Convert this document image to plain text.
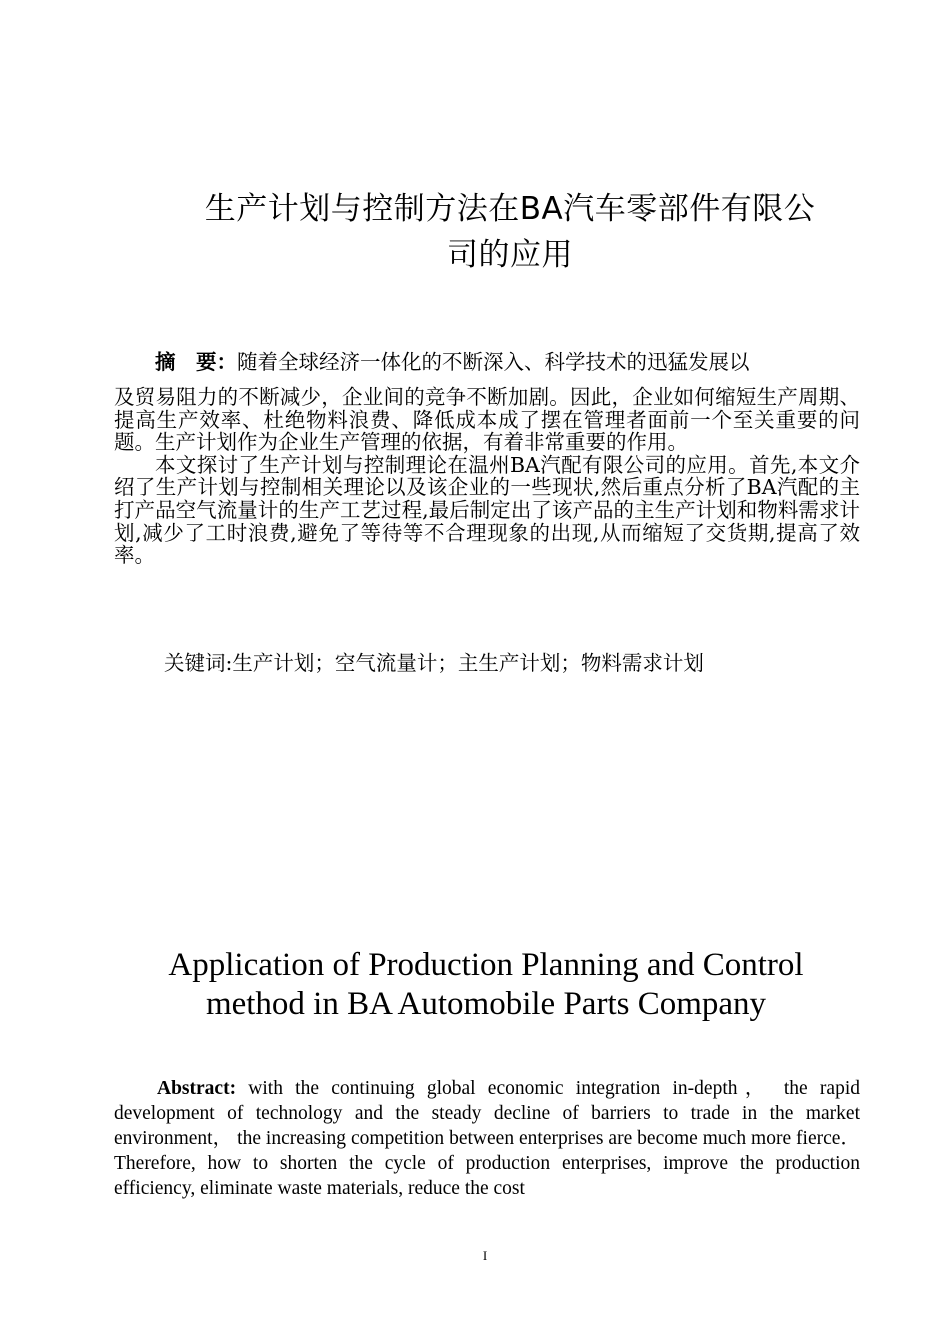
生产计划与控制方法在BA汽车零部件有限公
司的应用

摘　要：随着全球经济一体化的不断深入、科学技术的迅猛发展以

及贸易阻力的不断减少，企业间的竞争不断加剧。因此，企业如何缩短生产周期、提高生产效率、杜绝物料浪费、降低成本成了摆在管理者面前一个至关重要的问题。生产计划作为企业生产管理的依据，有着非常重要的作用。

本文探讨了生产计划与控制理论在温州BA汽配有限公司的应用。首先,本文介绍了生产计划与控制相关理论以及该企业的一些现状,然后重点分析了BA汽配的主打产品空气流量计的生产工艺过程,最后制定出了该产品的主生产计划和物料需求计划,减少了工时浪费,避免了等待等不合理现象的出现,从而缩短了交货期,提高了效率。

关键词:生产计划；空气流量计；主生产计划；物料需求计划
Application of Production Planning and Control
method in BA Automobile Parts Company
Abstract: with the continuing global economic integration in-depth， the rapid development of technology and the steady decline of barriers to trade in the market environment， the increasing competition between enterprises are become much more fierce． Therefore, how to shorten the cycle of production enterprises, improve the production efficiency, eliminate waste materials, reduce the cost
I
